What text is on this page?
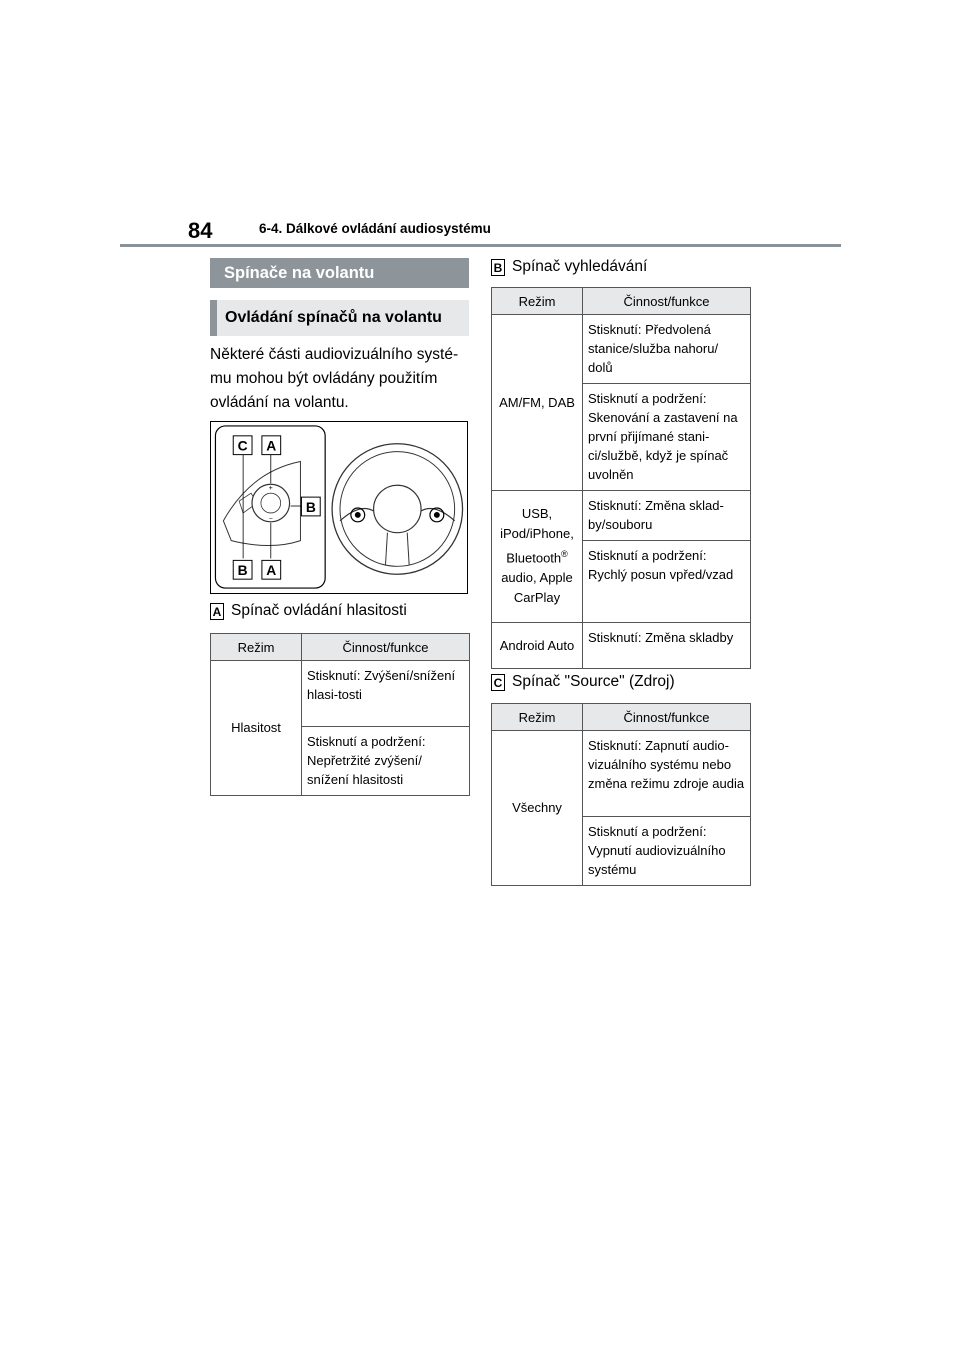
84	6-4. Dálkové ovládání audiosystému
Spínače na volantu
Ovládání spínačů na volantu
Některé části audiovizuálního systé-mu mohou být ovládány použitím ovládání na volantu.
+
−
C A
B
B A
A Spínač ovládání hlasitosti
Režim	Činnost/funkce
Hlasitost	Stisknutí: Zvýšení/snížení hlasi-tosti
	Stisknutí a podržení: Nepřetržité zvýšení/ snížení hlasitosti
B Spínač vyhledávání
Režim	Činnost/funkce
AM/FM, DAB	Stisknutí: Předvolená stanice/služba nahoru/ dolů
	Stisknutí a podržení: Skenování a zastavení na první přijímané stani-ci/službě, když je spínač uvolněn
USB, iPod/iPhone, Bluetooth® audio, Apple CarPlay	Stisknutí: Změna sklad-by/souboru
	Stisknutí a podržení: Rychlý posun vpřed/vzad
Android Auto	Stisknutí: Změna skladby
C Spínač "Source" (Zdroj)
Režim	Činnost/funkce
Všechny	Stisknutí: Zapnutí audio-vizuálního systému nebo změna režimu zdroje audia
	Stisknutí a podržení: Vypnutí audiovizuálního systému
